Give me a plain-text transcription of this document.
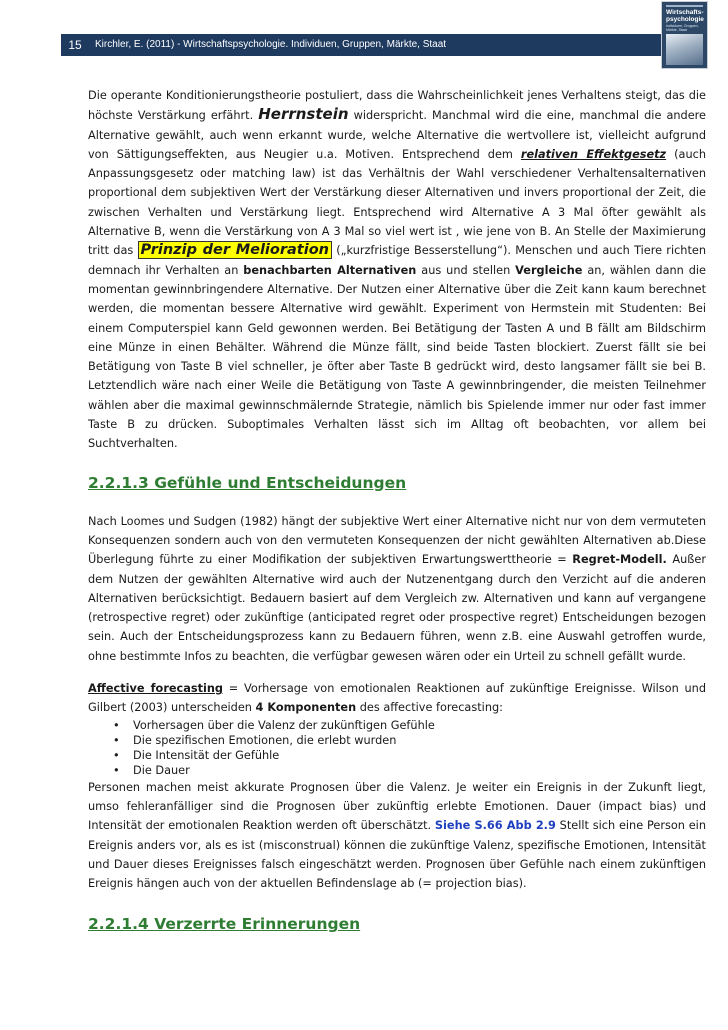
15	Kirchler, E. (2011) - Wirtschaftspsychologie. Individuen, Gruppen, Märkte, Staat
Wirtschafts-
psychologie
Individuen, Gruppen, Märkte, Staat

Die operante Konditionierungstheorie postuliert, dass die Wahrscheinlichkeit jenes Verhaltens steigt, das die höchste Verstärkung erfährt. Herrnstein widerspricht. Manchmal wird die eine, manchmal die andere Alternative gewählt, auch wenn erkannt wurde, welche Alternative die wertvollere ist, vielleicht aufgrund von Sättigungseffekten, aus Neugier u.a. Motiven. Entsprechend dem relativen Effektgesetz (auch Anpassungsgesetz oder matching law) ist das Verhältnis der Wahl verschiedener Verhaltensalternativen proportional dem subjektiven Wert der Verstärkung dieser Alternativen und invers proportional der Zeit, die zwischen Verhalten und Verstärkung liegt. Entsprechend wird Alternative A 3 Mal öfter gewählt als Alternative B, wenn die Verstärkung von A 3 Mal so viel wert ist , wie jene von B. An Stelle der Maximierung tritt das Prinzip der Melioration („kurzfristige Besserstellung“). Menschen und auch Tiere richten demnach ihr Verhalten an benachbarten Alternativen aus und stellen Vergleiche an, wählen dann die momentan gewinnbringendere Alternative. Der Nutzen einer Alternative über die Zeit kann kaum berechnet werden, die momentan bessere Alternative wird gewählt. Experiment von Hermstein mit Studenten: Bei einem Computerspiel kann Geld gewonnen werden. Bei Betätigung der Tasten A und B fällt am Bildschirm eine Münze in einen Behälter. Während die Münze fällt, sind beide Tasten blockiert. Zuerst fällt sie bei Betätigung von Taste B viel schneller, je öfter aber Taste B gedrückt wird, desto langsamer fällt sie bei B. Letztendlich wäre nach einer Weile die Betätigung von Taste A gewinnbringender, die meisten Teilnehmer wählen aber die maximal gewinnschmälernde Strategie, nämlich bis Spielende immer nur oder fast immer Taste B zu drücken. Suboptimales Verhalten lässt sich im Alltag oft beobachten, vor allem bei Suchtverhalten.

2.2.1.3 Gefühle und Entscheidungen

Nach Loomes und Sudgen (1982) hängt der subjektive Wert einer Alternative nicht nur von dem vermuteten Konsequenzen sondern auch von den vermuteten Konsequenzen der nicht gewählten Alternativen ab.Diese Überlegung führte zu einer Modifikation der subjektiven Erwartungswerttheorie = Regret-Modell. Außer dem Nutzen der gewählten Alternative wird auch der Nutzenentgang durch den Verzicht auf die anderen Alternativen berücksichtigt. Bedauern basiert auf dem Vergleich zw. Alternativen und kann auf vergangene (retrospective regret) oder zukünftige (anticipated regret oder prospective regret) Entscheidungen bezogen sein. Auch der Entscheidungsprozess kann zu Bedauern führen, wenn z.B. eine Auswahl getroffen wurde, ohne bestimmte Infos zu beachten, die verfügbar gewesen wären oder ein Urteil zu schnell gefällt wurde.

Affective forecasting = Vorhersage von emotionalen Reaktionen auf zukünftige Ereignisse. Wilson und Gilbert (2003) unterscheiden 4 Komponenten des affective forecasting:

• Vorhersagen über die Valenz der zukünftigen Gefühle
• Die spezifischen Emotionen, die erlebt wurden
• Die Intensität der Gefühle
• Die Dauer

Personen machen meist akkurate Prognosen über die Valenz. Je weiter ein Ereignis in der Zukunft liegt, umso fehleranfälliger sind die Prognosen über zukünftig erlebte Emotionen. Dauer (impact bias) und Intensität der emotionalen Reaktion werden oft überschätzt. Siehe S.66 Abb 2.9 Stellt sich eine Person ein Ereignis anders vor, als es ist (misconstrual) können die zukünftige Valenz, spezifische Emotionen, Intensität und Dauer dieses Ereignisses falsch eingeschätzt werden. Prognosen über Gefühle nach einem zukünftigen Ereignis hängen auch von der aktuellen Befindenslage ab (= projection bias).

2.2.1.4 Verzerrte Erinnerungen
